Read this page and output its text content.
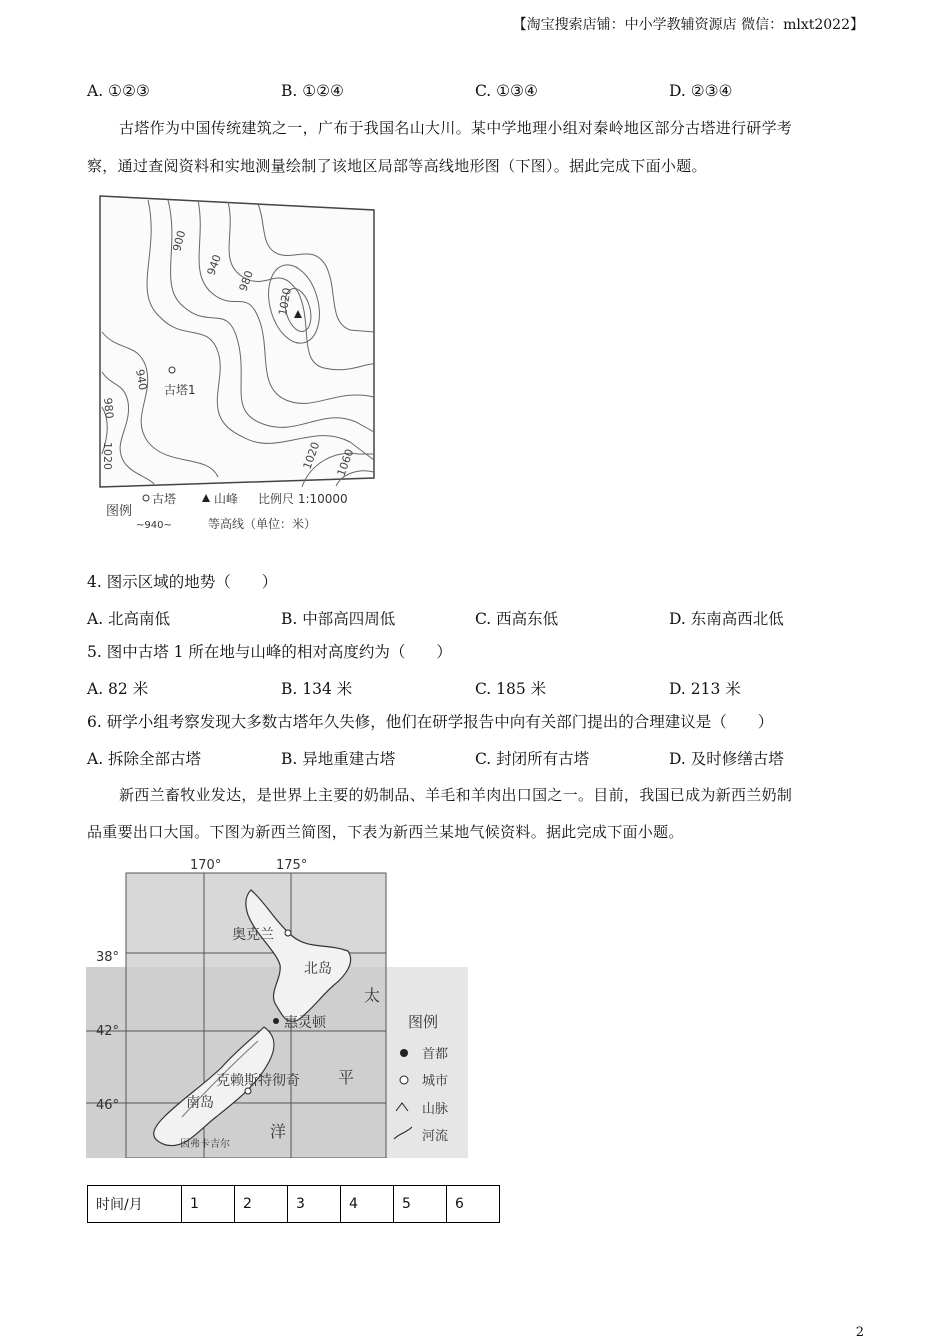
【淘宝搜索店铺：中小学教辅资源店 微信：mlxt2022】
A. ①②③	B. ①②④	C. ①③④	D. ②③④
古塔作为中国传统建筑之一，广布于我国名山大川。某中学地理小组对秦岭地区部分古塔进行研学考
察，通过查阅资料和实地测量绘制了该地区局部等高线地形图（下图）。据此完成下面小题。
900
940
980
1020
980
940
1020	1020 1060
古塔1
古塔	山峰 比例尺 1:10000
图例
~940~	等高线（单位：米）
4. 图示区域的地势（　　）
A. 北高南低	B. 中部高四周低	C. 西高东低	D. 东南高西北低
5. 图中古塔 1 所在地与山峰的相对高度约为（　　）
A. 82 米	B. 134 米	C. 185 米	D. 213 米
6. 研学小组考察发现大多数古塔年久失修，他们在研学报告中向有关部门提出的合理建议是（　　）
A. 拆除全部古塔	B. 异地重建古塔	C. 封闭所有古塔	D. 及时修缮古塔
新西兰畜牧业发达，是世界上主要的奶制品、羊毛和羊肉出口国之一。目前，我国已成为新西兰奶制
品重要出口大国。下图为新西兰简图，下表为新西兰某地气候资料。据此完成下面小题。
170°	175°
38°
42°
46°
奥克兰
北岛
惠灵顿
克赖斯特彻奇
南岛
因弗卡吉尔
太
平
洋
图例
首都
城市
山脉
河流
时间/月	1	2	3	4	5	6
2
